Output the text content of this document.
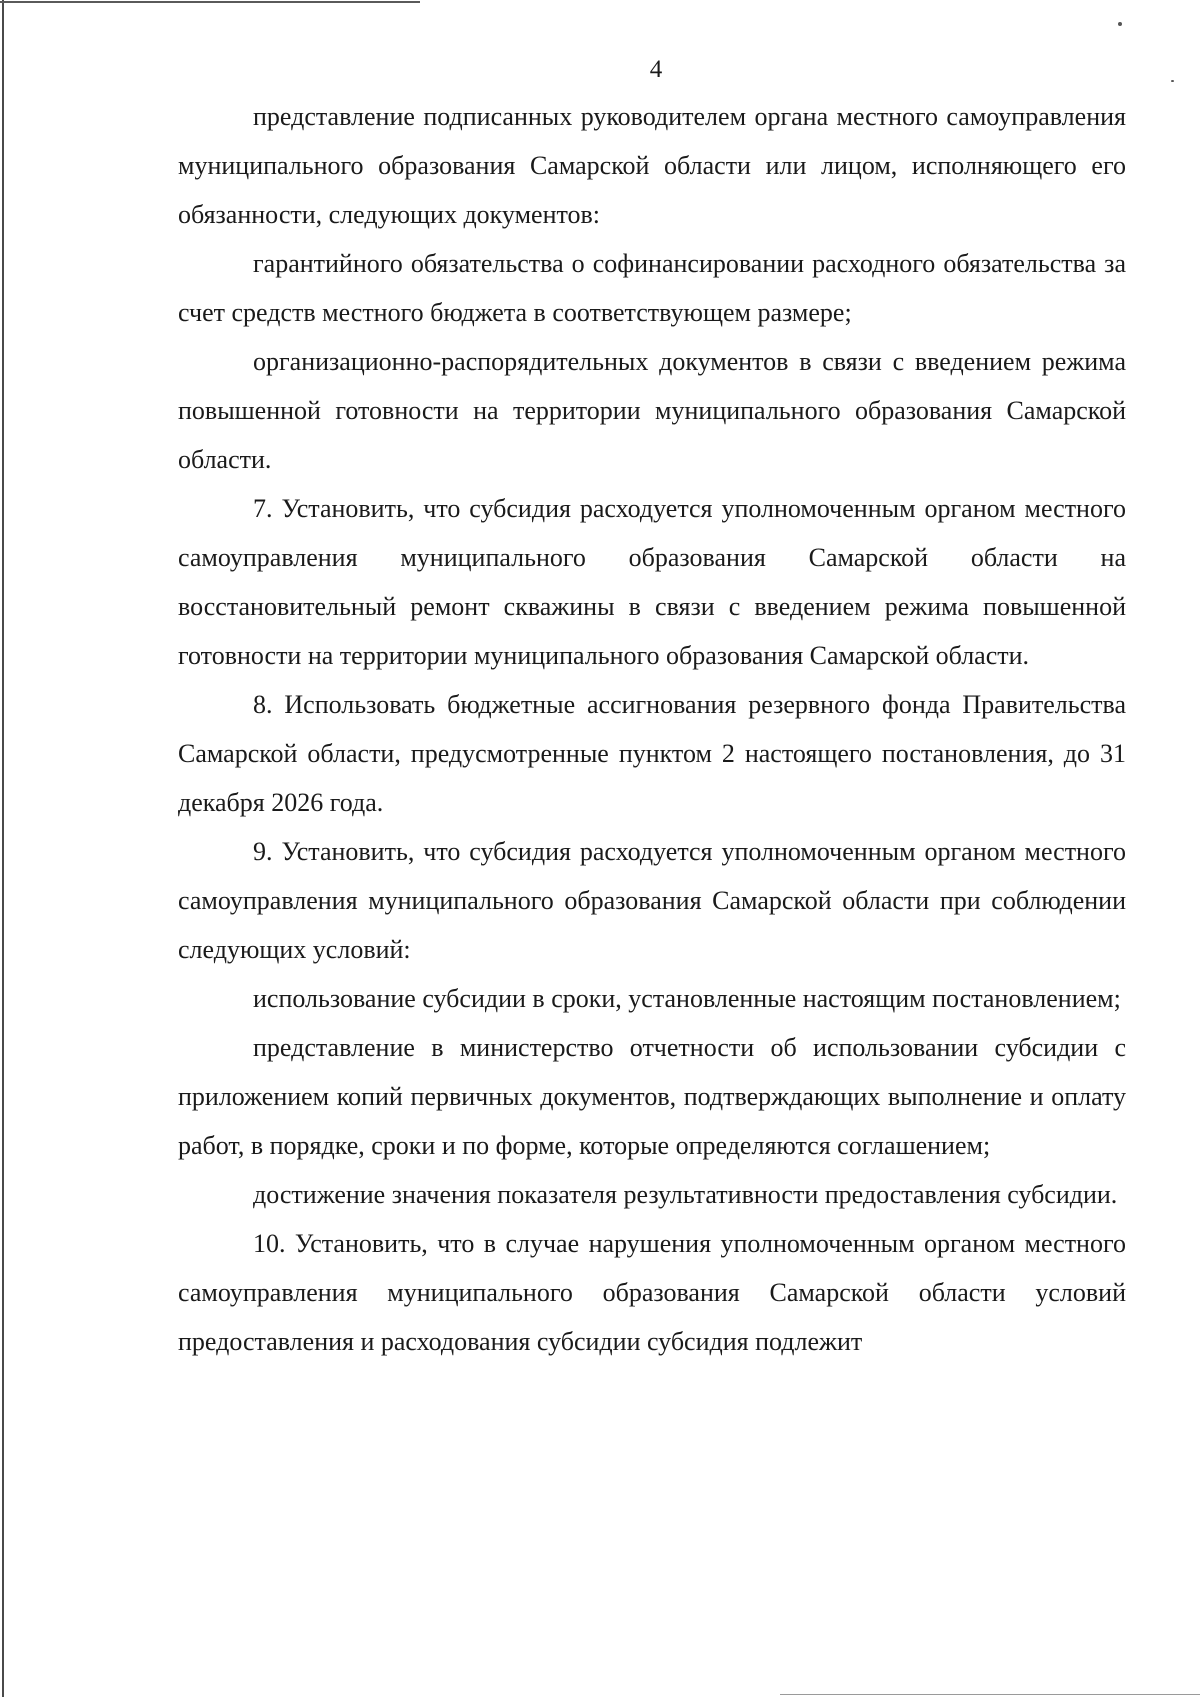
4

представление подписанных руководителем органа местного самоуправления муниципального образования Самарской области или лицом, исполняющего его обязанности, следующих документов:

гарантийного обязательства о софинансировании расходного обязательства за счет средств местного бюджета в соответствующем размере;

организационно-распорядительных документов в связи с введением режима повышенной готовности на территории муниципального образования Самарской области.

7. Установить, что субсидия расходуется уполномоченным органом местного самоуправления муниципального образования Самарской области на восстановительный ремонт скважины в связи с введением режима повышенной готовности на территории муниципального образования Самарской области.

8. Использовать бюджетные ассигнования резервного фонда Правительства Самарской области, предусмотренные пунктом 2 настоящего постановления, до 31 декабря 2026 года.

9. Установить, что субсидия расходуется уполномоченным органом местного самоуправления муниципального образования Самарской области при соблюдении следующих условий:

использование субсидии в сроки, установленные настоящим постановлением;

представление в министерство отчетности об использовании субсидии с приложением копий первичных документов, подтверждающих выполнение и оплату работ, в порядке, сроки и по форме, которые определяются соглашением;

достижение значения показателя результативности предоставления субсидии.

10. Установить, что в случае нарушения уполномоченным органом местного самоуправления муниципального образования Самарской области условий предоставления и расходования субсидии субсидия подлежит
